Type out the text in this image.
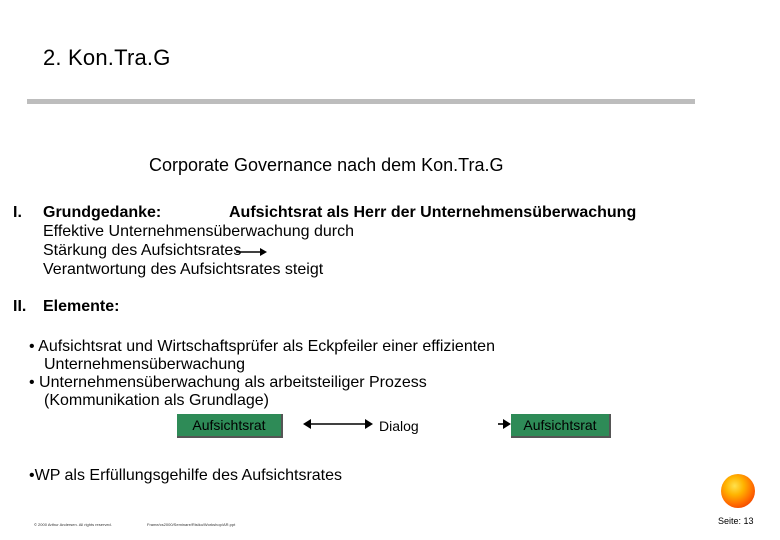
2. Kon.Tra.G
Corporate Governance nach dem Kon.Tra.G
I. Grundgedanke:	Aufsichtsrat als Herr der Unternehmensüberwachung
Effektive Unternehmensüberwachung durch
Stärkung des Aufsichtsrates
Verantwortung des Aufsichtsrates steigt
II. Elemente:
• Aufsichtsrat und Wirtschaftsprüfer als Eckpfeiler einer effizienten
Unternehmensüberwachung
• Unternehmensüberwachung als arbeitsteiliger Prozess
(Kommunikation als Grundlage)
Aufsichtsrat	Dialog	Aufsichtsrat
•WP als Erfüllungsgehilfe des Aufsichtsrates
Seite: 13
© 2000 Arthur Andersen. All rights reserved.	Frame/cs2000/Seminare/Risiko/Workshop/AR.ppt
